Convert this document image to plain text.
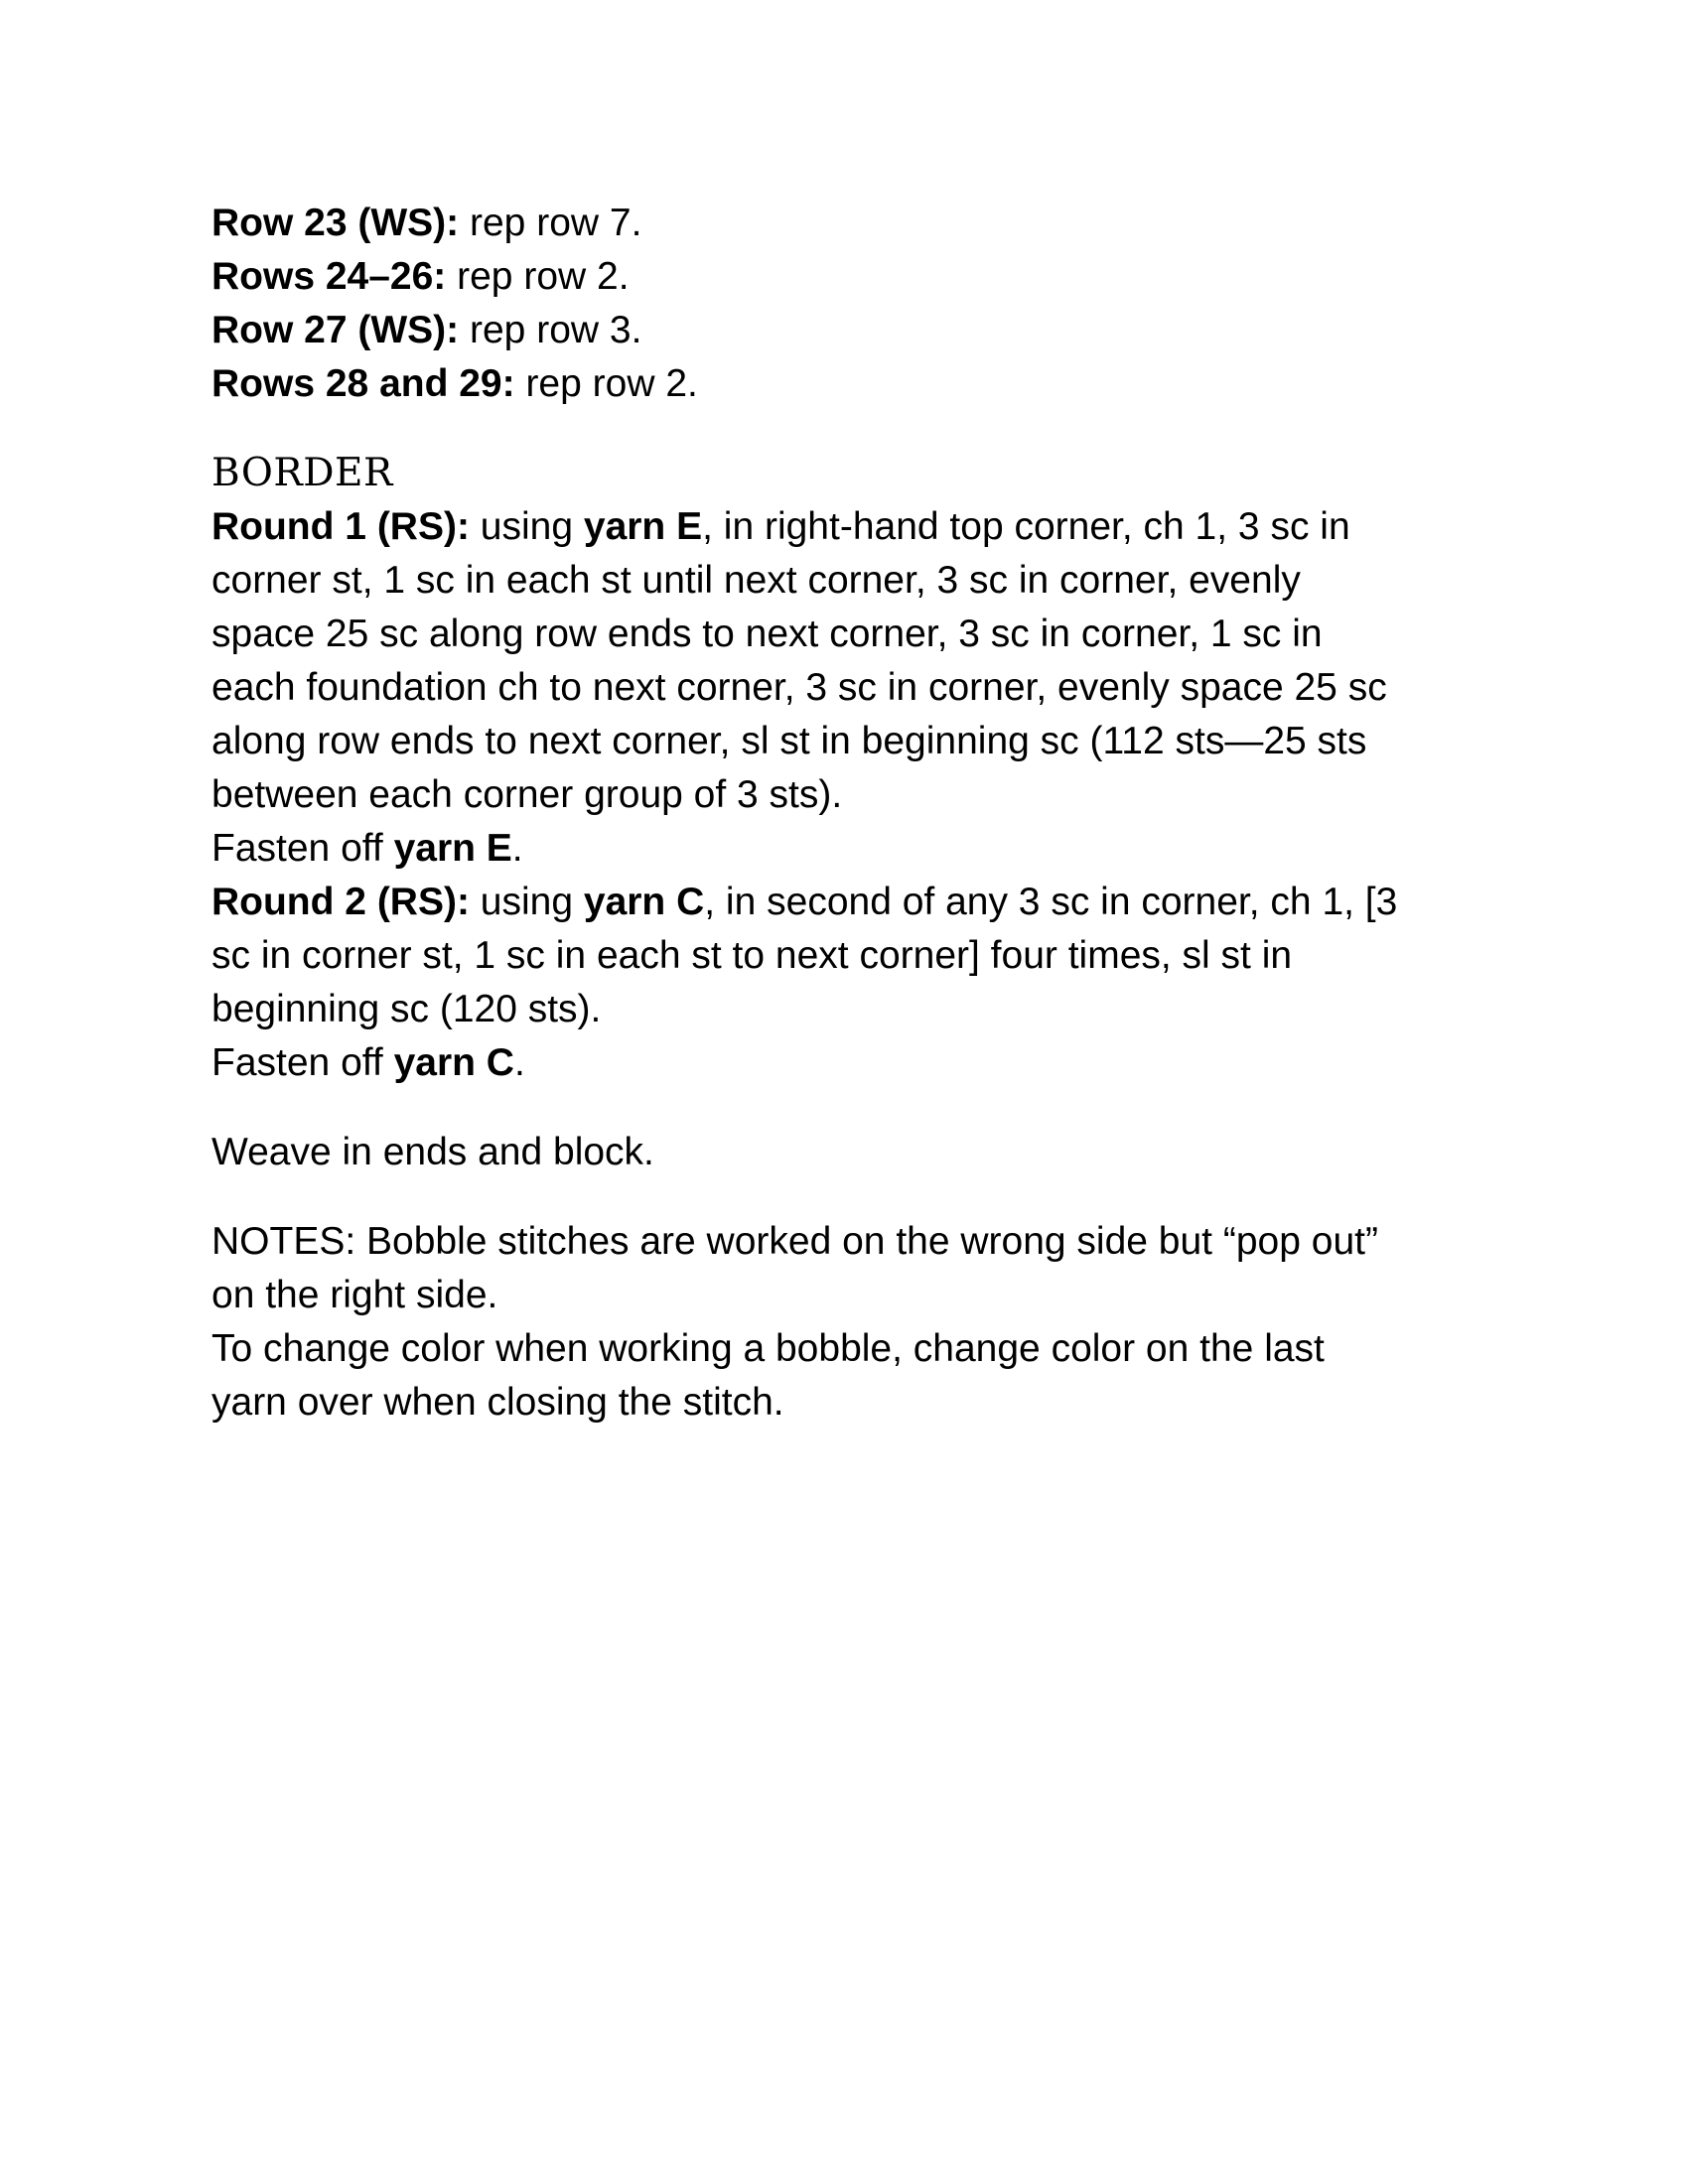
Row 23 (WS): rep row 7.
Rows 24–26: rep row 2.
Row 27 (WS): rep row 3.
Rows 28 and 29: rep row 2.
BORDER
Round 1 (RS): using yarn E, in right-hand top corner, ch 1, 3 sc in
corner st, 1 sc in each st until next corner, 3 sc in corner, evenly
space 25 sc along row ends to next corner, 3 sc in corner, 1 sc in
each foundation ch to next corner, 3 sc in corner, evenly space 25 sc
along row ends to next corner, sl st in beginning sc (112 sts—25 sts
between each corner group of 3 sts).
Fasten off yarn E.
Round 2 (RS): using yarn C, in second of any 3 sc in corner, ch 1, [3
sc in corner st, 1 sc in each st to next corner] four times, sl st in
beginning sc (120 sts).
Fasten off yarn C.
Weave in ends and block.
NOTES: Bobble stitches are worked on the wrong side but “pop out”
on the right side.
To change color when working a bobble, change color on the last
yarn over when closing the stitch.
